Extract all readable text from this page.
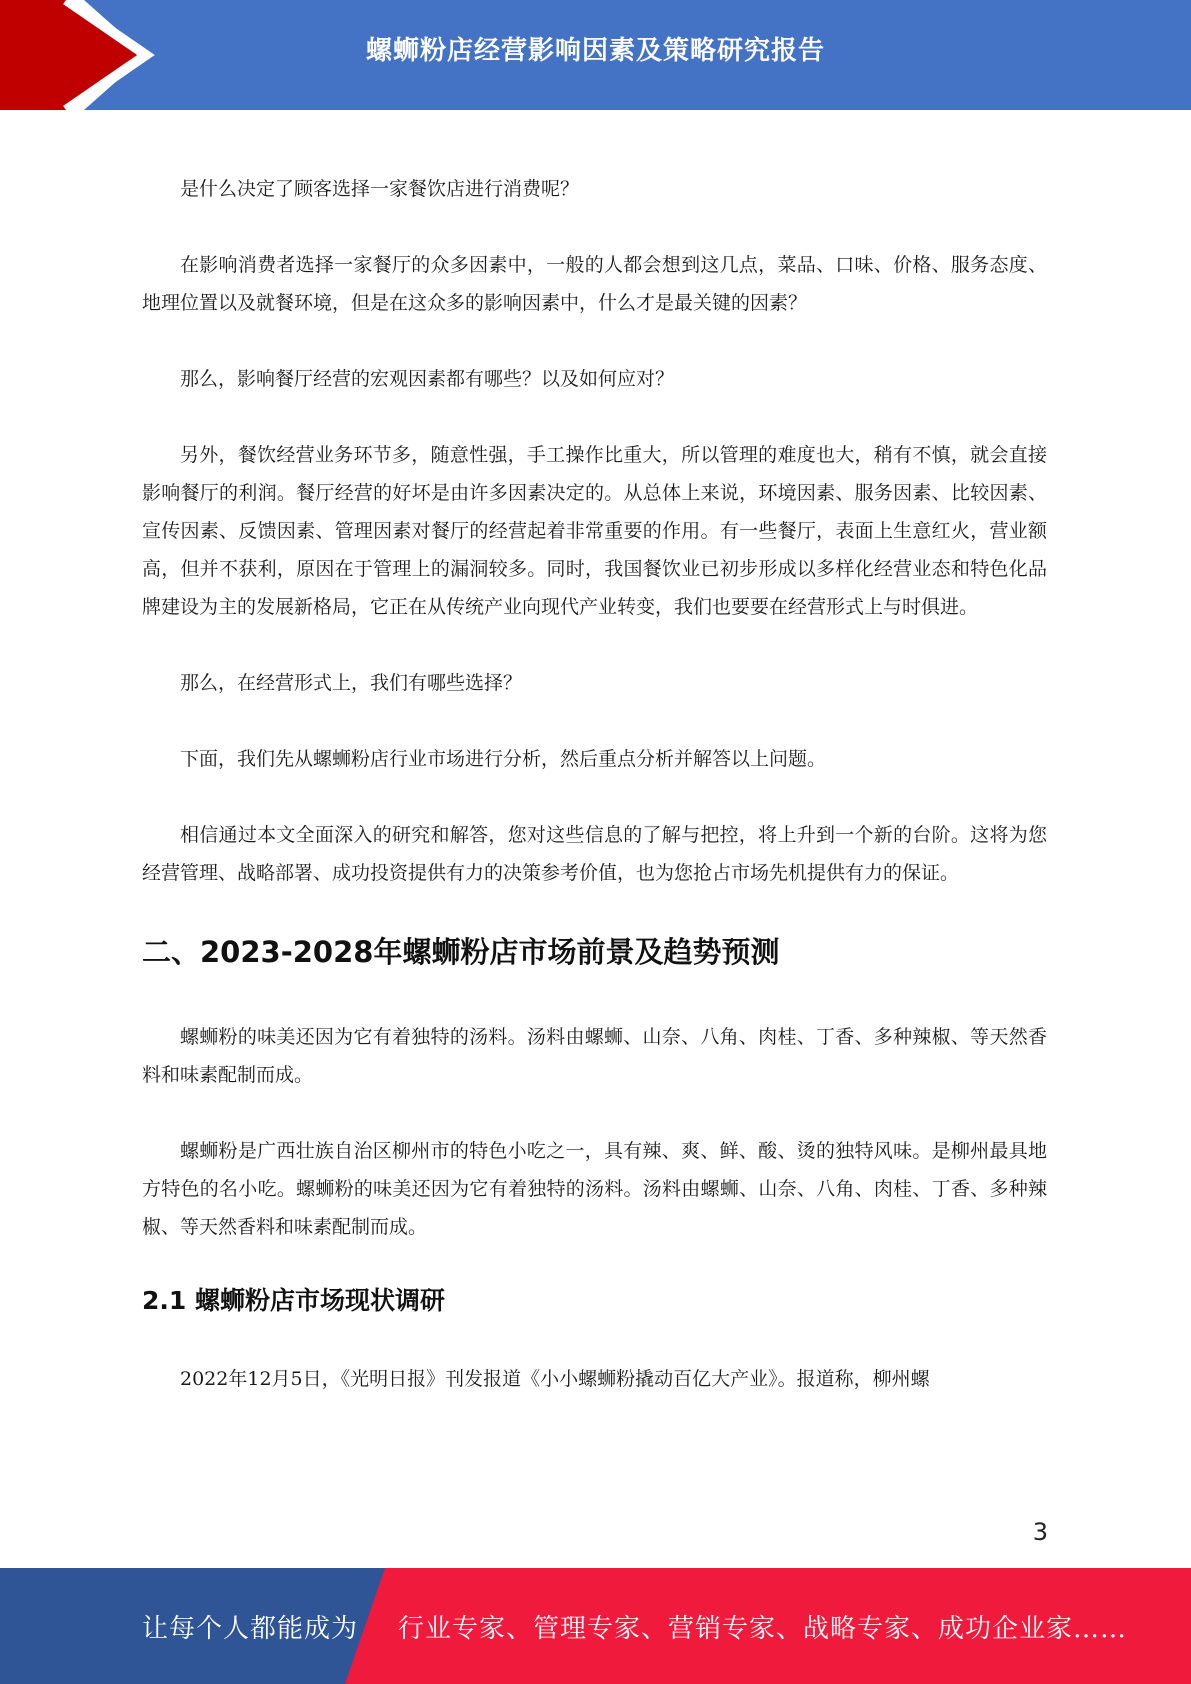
螺蛳粉店经营影响因素及策略研究报告

是什么决定了顾客选择一家餐饮店进行消费呢？

在影响消费者选择一家餐厅的众多因素中，一般的人都会想到这几点，菜品、口味、价格、服务态度、地理位置以及就餐环境，但是在这众多的影响因素中，什么才是最关键的因素？

那么，影响餐厅经营的宏观因素都有哪些？以及如何应对？

另外，餐饮经营业务环节多，随意性强，手工操作比重大，所以管理的难度也大，稍有不慎，就会直接影响餐厅的利润。餐厅经营的好坏是由许多因素决定的。从总体上来说，环境因素、服务因素、比较因素、宣传因素、反馈因素、管理因素对餐厅的经营起着非常重要的作用。有一些餐厅，表面上生意红火，营业额高，但并不获利，原因在于管理上的漏洞较多。同时，我国餐饮业已初步形成以多样化经营业态和特色化品牌建设为主的发展新格局，它正在从传统产业向现代产业转变，我们也要要在经营形式上与时俱进。

那么，在经营形式上，我们有哪些选择？

下面，我们先从螺蛳粉店行业市场进行分析，然后重点分析并解答以上问题。

相信通过本文全面深入的研究和解答，您对这些信息的了解与把控，将上升到一个新的台阶。这将为您经营管理、战略部署、成功投资提供有力的决策参考价值，也为您抢占市场先机提供有力的保证。

二、2023-2028年螺蛳粉店市场前景及趋势预测

螺蛳粉的味美还因为它有着独特的汤料。汤料由螺蛳、山奈、八角、肉桂、丁香、多种辣椒、等天然香料和味素配制而成。

螺蛳粉是广西壮族自治区柳州市的特色小吃之一，具有辣、爽、鲜、酸、烫的独特风味。是柳州最具地方特色的名小吃。螺蛳粉的味美还因为它有着独特的汤料。汤料由螺蛳、山奈、八角、肉桂、丁香、多种辣椒、等天然香料和味素配制而成。

2.1 螺蛳粉店市场现状调研

2022年12月5日，《光明日报》刊发报道《小小螺蛳粉撬动百亿大产业》。报道称，柳州螺

3
让每个人都能成为 行业专家、管理专家、营销专家、战略专家、成功企业家……
